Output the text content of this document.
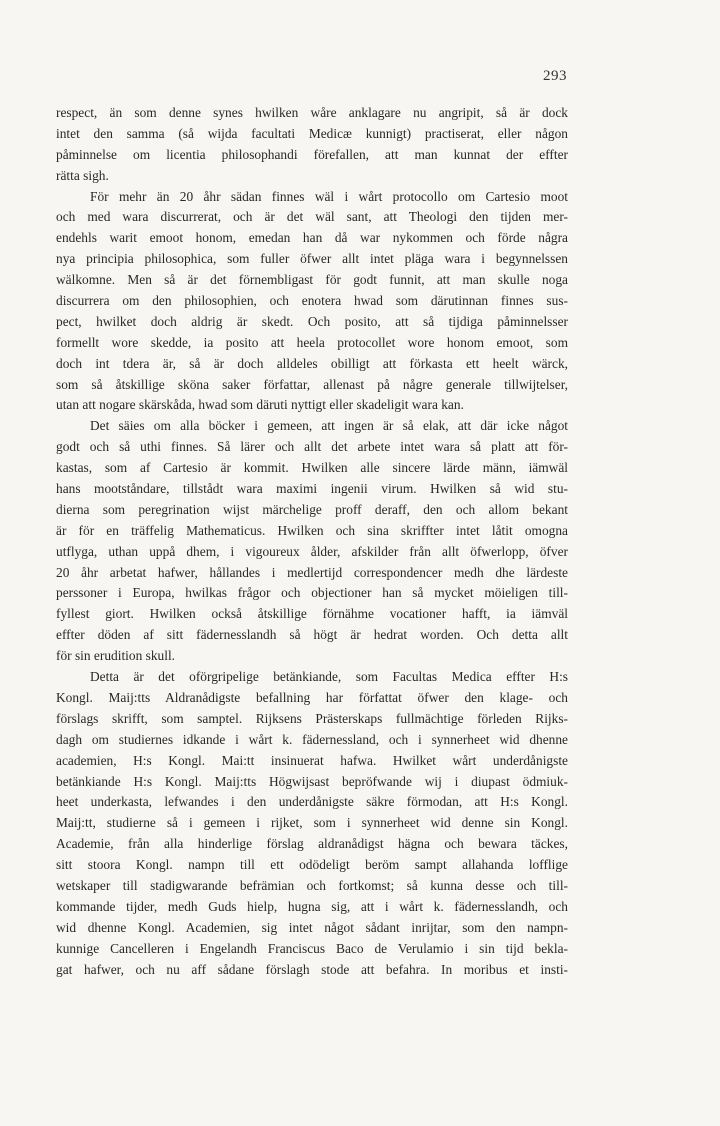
293
respect, än som denne synes hwilken wåre anklagare nu angripit, så är dock
intet den samma (så wijda facultati Medicæ kunnigt) practiserat, eller någon
påminnelse om licentia philosophandi förefallen, att man kunnat der effter
rätta sigh.
För mehr än 20 åhr sädan finnes wäl i wårt protocollo om Cartesio moot
och med wara discurrerat, och är det wäl sant, att Theologi den tijden mer-
endehls warit emoot honom, emedan han då war nykommen och förde några
nya principia philosophica, som fuller öfwer allt intet pläga wara i begynnelssen
wälkomne. Men så är det förnembligast för godt funnit, att man skulle noga
discurrera om den philosophien, och enotera hwad som därutinnan finnes sus-
pect, hwilket doch aldrig är skedt. Och posito, att så tijdiga påminnelsser
formellt wore skedde, ia posito att heela protocollet wore honom emoot, som
doch int tdera är, så är doch alldeles obilligt att förkasta ett heelt wärck,
som så åtskillige sköna saker författar, allenast på någre generale tillwijtelser,
utan att nogare skärskåda, hwad som däruti nyttigt eller skadeligit wara kan.
Det säies om alla böcker i gemeen, att ingen är så elak, att där icke något
godt och så uthi finnes. Så lärer och allt det arbete intet wara så platt att för-
kastas, som af Cartesio är kommit. Hwilken alle sincere lärde männ, iämwäl
hans mootståndare, tillstådt wara maximi ingenii virum. Hwilken så wid stu-
dierna som peregrination wijst märchelige proff deraff, den och allom bekant
är för en träffelig Mathematicus. Hwilken och sina skriffter intet låtit omogna
utflyga, uthan uppå dhem, i vigoureux ålder, afskilder från allt öfwerlopp, öfver
20 åhr arbetat hafwer, hållandes i medlertijd correspondencer medh dhe lärdeste
perssoner i Europa, hwilkas frågor och objectioner han så mycket möieligen till-
fyllest giort. Hwilken också åtskillige förnähme vocationer hafft, ia iämväl
effter döden af sitt fädernesslandh så högt är hedrat worden. Och detta allt
för sin erudition skull.
Detta är det oförgripelige betänkiande, som Facultas Medica effter H:s
Kongl. Maij:tts Aldranådigste befallning har författat öfwer den klage- och
förslags skrifft, som samptel. Rijksens Prästerskaps fullmächtige förleden Rijks-
dagh om studiernes idkande i wårt k. fädernessland, och i synnerheet wid dhenne
academien, H:s Kongl. Mai:tt insinuerat hafwa. Hwilket wårt underdånigste
betänkiande H:s Kongl. Maij:tts Högwijsast bepröfwande wij i diupast ödmiuk-
heet underkasta, lefwandes i den underdånigste säkre förmodan, att H:s Kongl.
Maij:tt, studierne så i gemeen i rijket, som i synnerheet wid denne sin Kongl.
Academie, från alla hinderlige förslag aldranådigst hägna och bewara täckes,
sitt stoora Kongl. nampn till ett odödeligt beröm sampt allahanda lofflige
wetskaper till stadigwarande befrämian och fortkomst; så kunna desse och till-
kommande tijder, medh Guds hielp, hugna sig, att i wårt k. fädernesslandh, och
wid dhenne Kongl. Academien, sig intet något sådant inrijtar, som den nampn-
kunnige Cancelleren i Engelandh Franciscus Baco de Verulamio i sin tijd bekla-
gat hafwer, och nu aff sådane förslagh stode att befahra. In moribus et insti-
